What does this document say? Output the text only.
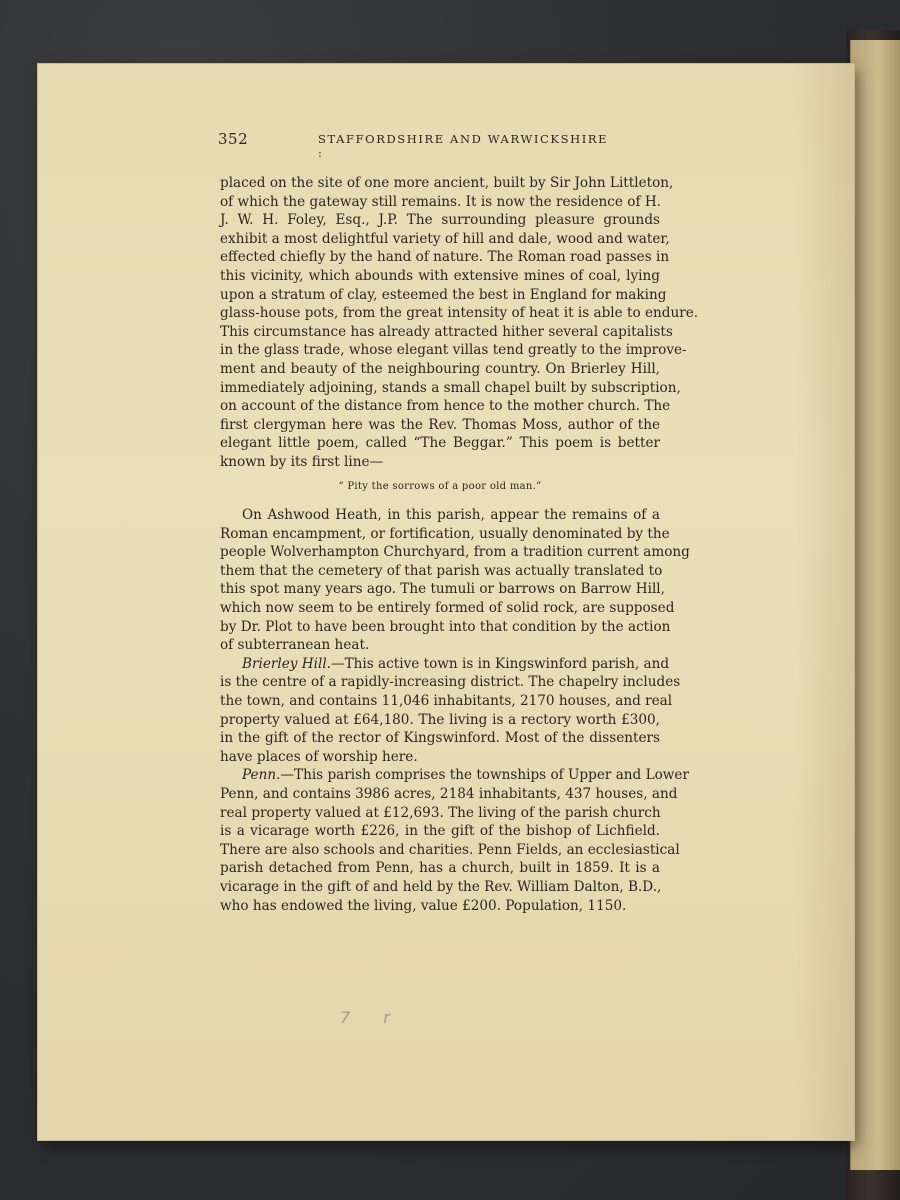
352	STAFFORDSHIRE AND WARWICKSHIRE :
placed on the site of one more ancient, built by Sir John Littleton,
of which the gateway still remains. It is now the residence of H.
J. W. H. Foley, Esq., J.P. The surrounding pleasure grounds
exhibit a most delightful variety of hill and dale, wood and water,
effected chiefly by the hand of nature. The Roman road passes in
this vicinity, which abounds with extensive mines of coal, lying
upon a stratum of clay, esteemed the best in England for making
glass-house pots, from the great intensity of heat it is able to endure.
This circumstance has already attracted hither several capitalists
in the glass trade, whose elegant villas tend greatly to the improve-
ment and beauty of the neighbouring country. On Brierley Hill,
immediately adjoining, stands a small chapel built by subscription,
on account of the distance from hence to the mother church. The
first clergyman here was the Rev. Thomas Moss, author of the
elegant little poem, called “The Beggar.” This poem is better
known by its first line—
“ Pity the sorrows of a poor old man.”
On Ashwood Heath, in this parish, appear the remains of a
Roman encampment, or fortification, usually denominated by the
people Wolverhampton Churchyard, from a tradition current among
them that the cemetery of that parish was actually translated to
this spot many years ago. The tumuli or barrows on Barrow Hill,
which now seem to be entirely formed of solid rock, are supposed
by Dr. Plot to have been brought into that condition by the action
of subterranean heat.
Brierley Hill.—This active town is in Kingswinford parish, and
is the centre of a rapidly-increasing district. The chapelry includes
the town, and contains 11,046 inhabitants, 2170 houses, and real
property valued at £64,180. The living is a rectory worth £300,
in the gift of the rector of Kingswinford. Most of the dissenters
have places of worship here.
Penn.—This parish comprises the townships of Upper and Lower
Penn, and contains 3986 acres, 2184 inhabitants, 437 houses, and
real property valued at £12,693. The living of the parish church
is a vicarage worth £226, in the gift of the bishop of Lichfield.
There are also schools and charities. Penn Fields, an ecclesiastical
parish detached from Penn, has a church, built in 1859. It is a
vicarage in the gift of and held by the Rev. William Dalton, B.D.,
who has endowed the living, value £200. Population, 1150.
7 r
